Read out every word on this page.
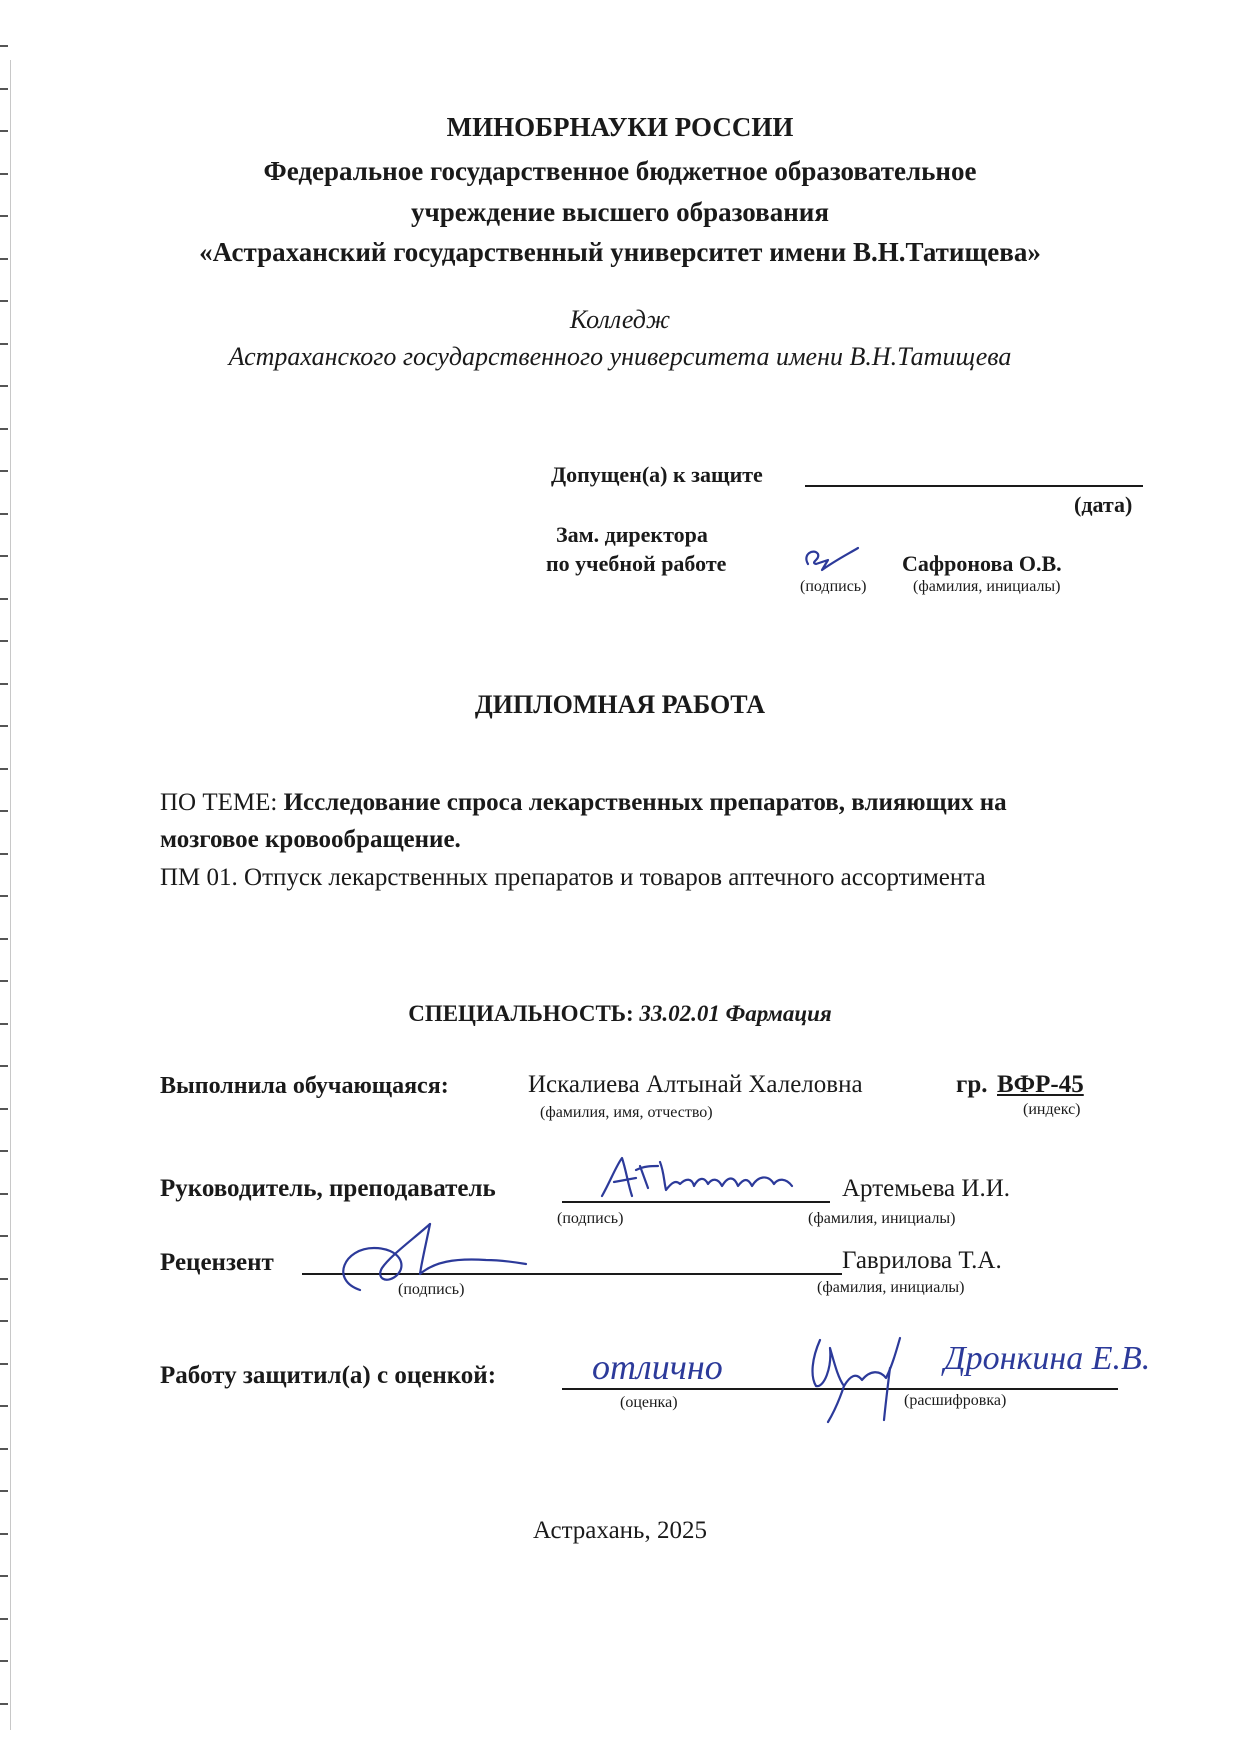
МИНОБРНАУКИ РОССИИ
Федеральное государственное бюджетное образовательное
учреждение высшего образования
«Астраханский государственный университет имени В.Н.Татищева»
Колледж
Астраханского государственного университета имени В.Н.Татищева
Допущен(а) к защите
(дата)
Зам. директора
по учебной работе	Сафронова О.В.
(подпись)	(фамилия, инициалы)
ДИПЛОМНАЯ РАБОТА
ПО ТЕМЕ: Исследование спроса лекарственных препаратов, влияющих на
мозговое кровообращение.
ПМ 01. Отпуск лекарственных препаратов и товаров аптечного ассортимента
СПЕЦИАЛЬНОСТЬ: 33.02.01 Фармация
Выполнила обучающаяся:	Искалиева Алтынай Халеловна	гр. ВФР-45
(фамилия, имя, отчество)	(индекс)
Руководитель, преподаватель	Артемьева И.И.
(подпись)	(фамилия, инициалы)
Рецензент	Гаврилова Т.А.
(подпись)	(фамилия, инициалы)
Работу защитил(а) с оценкой:	отлично	Дронкина Е.В.
(оценка)	(расшифровка)
Астрахань, 2025
